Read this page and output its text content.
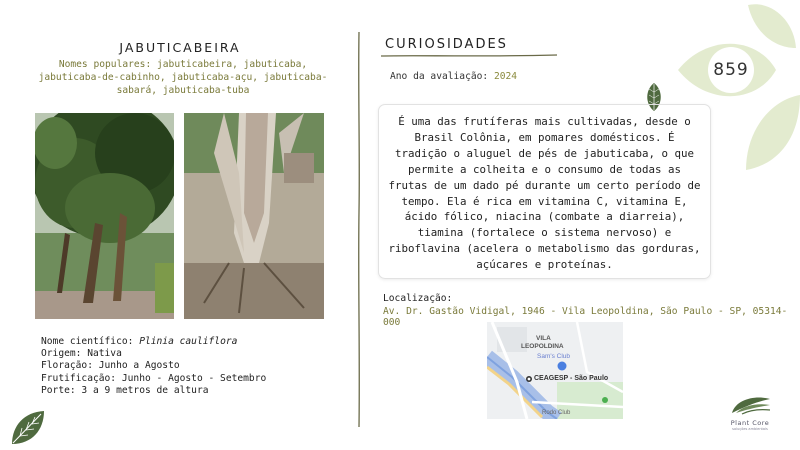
JABUTICABEIRA
Nomes populares: jabuticabeira, jabuticaba, jabuticaba-de-cabinho, jabuticaba-açu, jabuticaba-sabará, jabuticaba-tuba
Nome científico: Plinia cauliflora
Origem: Nativa
Floração: Junho a Agosto
Frutificação: Junho - Agosto - Setembro
Porte: 3 a 9 metros de altura
CURIOSIDADES
Ano da avaliação: 2024	859
É uma das frutíferas mais cultivadas, desde o Brasil Colônia, em pomares domésticos. É tradição o aluguel de pés de jabuticaba, o que permite a colheita e o consumo de todas as frutas de um dado pé durante um certo período de tempo. Ela é rica em vitamina C, vitamina E, ácido fólico, niacina (combate a diarreia), tiamina (fortalece o sistema nervoso) e riboflavina (acelera o metabolismo das gorduras, açúcares e proteínas.
Localização:
Av. Dr. Gastão Vidigal, 1946 - Vila Leopoldina, São Paulo - SP, 05314-000
VILA
LEOPOLDINA
Sam's Club
CEAGESP - São Paulo
Rodo Club
Plant Core
soluções ambientais
